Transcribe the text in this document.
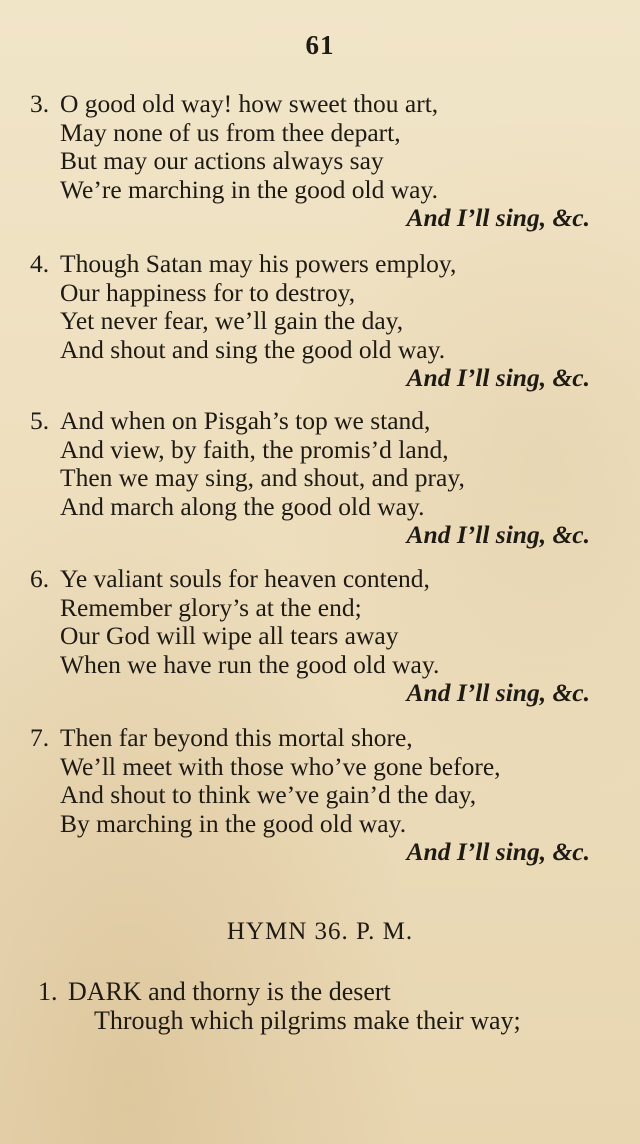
61
3. O good old way! how sweet thou art,
May none of us from thee depart,
But may our actions always say
We’re marching in the good old way.
And I’ll sing, &c.
4. Though Satan may his powers employ,
Our happiness for to destroy,
Yet never fear, we’ll gain the day,
And shout and sing the good old way.
And I’ll sing, &c.
5. And when on Pisgah’s top we stand,
And view, by faith, the promis’d land,
Then we may sing, and shout, and pray,
And march along the good old way.
And I’ll sing, &c.
6. Ye valiant souls for heaven contend,
Remember glory’s at the end;
Our God will wipe all tears away
When we have run the good old way.
And I’ll sing, &c.
7. Then far beyond this mortal shore,
We’ll meet with those who’ve gone before,
And shout to think we’ve gain’d the day,
By marching in the good old way.
And I’ll sing, &c.
HYMN 36. P. M.
1. DARK and thorny is the desert
Through which pilgrims make their way;
